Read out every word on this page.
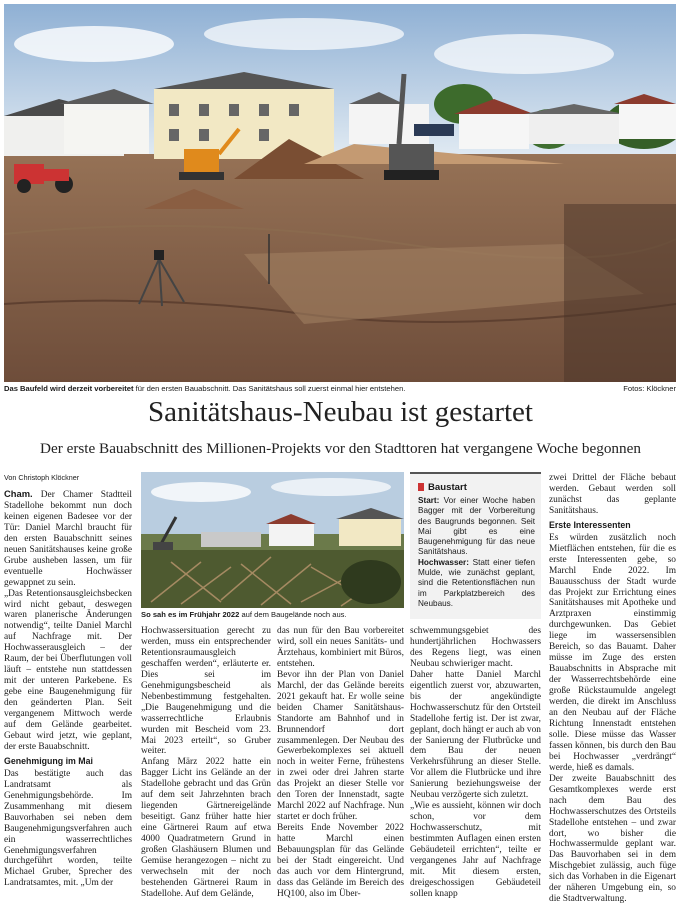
Das Baufeld wird derzeit vorbereitet für den ersten Bauabschnitt. Das Sanitätshaus soll zuerst einmal hier entstehen.	Fotos: Klöckner
Sanitätshaus-Neubau ist gestartet
Der erste Bauabschnitt des Millionen-Projekts vor den Stadttoren hat vergangene Woche begonnen
Von Christoph Klöckner

Cham. Der Chamer Stadtteil Stadellohe bekommt nun doch keinen eigenen Badesee vor der Tür: Daniel Marchl braucht für den ersten Bauabschnitt seines neuen Sanitätshauses keine große Grube ausheben lassen, um für eventuelle Hochwässer gewappnet zu sein.

„Das Retentionsausgleichsbecken wird nicht gebaut, deswegen waren planerische Änderungen notwendig“, teilte Daniel Marchl auf Nachfrage mit. Der Hochwasserausgleich – der Raum, der bei Überflutungen voll läuft – entstehe nun stattdessen mit der unteren Parkebene. Es gebe eine Baugenehmigung für den geänderten Plan. Seit vergangenem Mittwoch werde auf dem Gelände gearbeitet. Gebaut wird jetzt, wie geplant, der erste Bauabschnitt.

Genehmigung im Mai

Das bestätigte auch das Landratsamt als Genehmigungsbehörde. Im Zusammenhang mit diesem Bauvorhaben sei neben dem Baugenehmigungsverfahren auch ein wasserrechtliches Genehmigungsverfahren durchgeführt worden, teilte Michael Gruber, Sprecher des Landratsamtes, mit. „Um der

So sah es im Frühjahr 2022 auf dem Baugelände noch aus.
Baustart

Start: Vor einer Woche haben Bagger mit der Vorbereitung des Baugrunds begonnen. Seit Mai gibt es eine Baugenehmigung für das neue Sanitätshaus.

Hochwasser: Statt einer tiefen Mulde, wie zunächst geplant, sind die Retentionsflächen nun im Parkplatzbereich des Neubaus.

Hochwassersituation gerecht zu werden, muss ein entsprechender Retentionsraumausgleich geschaffen werden“, erläuterte er. Dies sei im Genehmigungsbescheid als Nebenbestimmung festgehalten. „Die Baugenehmigung und die wasserrechtliche Erlaubnis wurden mit Bescheid vom 23. Mai 2023 erteilt“, so Gruber weiter.

Anfang März 2022 hatte ein Bagger Licht ins Gelände an der Stadellohe gebracht und das Grün auf dem seit Jahrzehnten brach liegenden Gärtnereigelände beseitigt. Ganz früher hatte hier eine Gärtnerei Raum auf etwa 4000 Quadratmetern Grund in großen Glashäusern Blumen und Gemüse herangezogen – nicht zu verwechseln mit der noch bestehenden Gärtnerei Raum in Stadellohe. Auf dem Gelände,

das nun für den Bau vorbereitet wird, soll ein neues Sanitäts- und Ärztehaus, kombiniert mit Büros, entstehen.

Bevor ihn der Plan von Daniel Marchl, der das Gelände bereits 2021 gekauft hat. Er wolle seine beiden Chamer Sanitätshaus-Standorte am Bahnhof und in Brunnendorf dort zusammenlegen. Der Neubau des Gewerbekomplexes sei aktuell noch in weiter Ferne, frühestens in zwei oder drei Jahren starte das Projekt an dieser Stelle vor den Toren der Innenstadt, sagte Marchl 2022 auf Nachfrage. Nun startet er doch früher.

Bereits Ende November 2022 hatte Marchl einen Bebauungsplan für das Gelände bei der Stadt eingereicht. Und das auch vor dem Hintergrund, dass das Gelände im Bereich des HQ100, also im Über-

schwemmungsgebiet des hundertjährlichen Hochwassers des Regens liegt, was einen Neubau schwieriger macht.

Daher hatte Daniel Marchl eigentlich zuerst vor, abzuwarten, bis der angekündigte Hochwasserschutz für den Ortsteil Stadellohe fertig ist. Der ist zwar, geplant, doch hängt er auch ab von der Sanierung der Flutbrücke und dem Bau der neuen Verkehrsführung an dieser Stelle. Vor allem die Flutbrücke und ihre Sanierung beziehungsweise der Neubau verzögerte sich zuletzt.

„Wie es aussieht, können wir doch schon, vor dem Hochwasserschutz, mit bestimmten Auflagen einen ersten Gebäudeteil errichten“, teilte er vergangenes Jahr auf Nachfrage mit. Mit diesem ersten, dreigeschossigen Gebäudeteil sollen knapp

zwei Drittel der Fläche bebaut werden. Gebaut werden soll zunächst das geplante Sanitätshaus.

Erste Interessenten

Es würden zusätzlich noch Mietflächen entstehen, für die es erste Interessenten gebe, so Marchl Ende 2022. Im Bauausschuss der Stadt wurde das Projekt zur Errichtung eines Sanitätshauses mit Apotheke und Arztpraxen einstimmig durchgewunken. Das Gebiet liege im wassersensiblen Bereich, so das Bauamt. Daher müsse im Zuge des ersten Bauabschnitts in Absprache mit der Wasserrechtsbehörde eine große Rückstaumulde angelegt werden, die direkt im Anschluss an den Neubau auf der Fläche Richtung Innenstadt entstehen solle. Diese müsse das Wasser fassen können, bis durch den Bau bei Hochwasser „verdrängt“ werde, hieß es damals.

Der zweite Bauabschnitt des Gesamtkomplexes werde erst nach dem Bau des Hochwasserschutzes des Ortsteils Stadellohe entstehen – und zwar dort, wo bisher die Hochwassermulde geplant war. Das Bauvorhaben sei in dem Mischgebiet zulässig, auch füge sich das Vorhaben in die Eigenart der näheren Umgebung ein, so die Stadtverwaltung.
